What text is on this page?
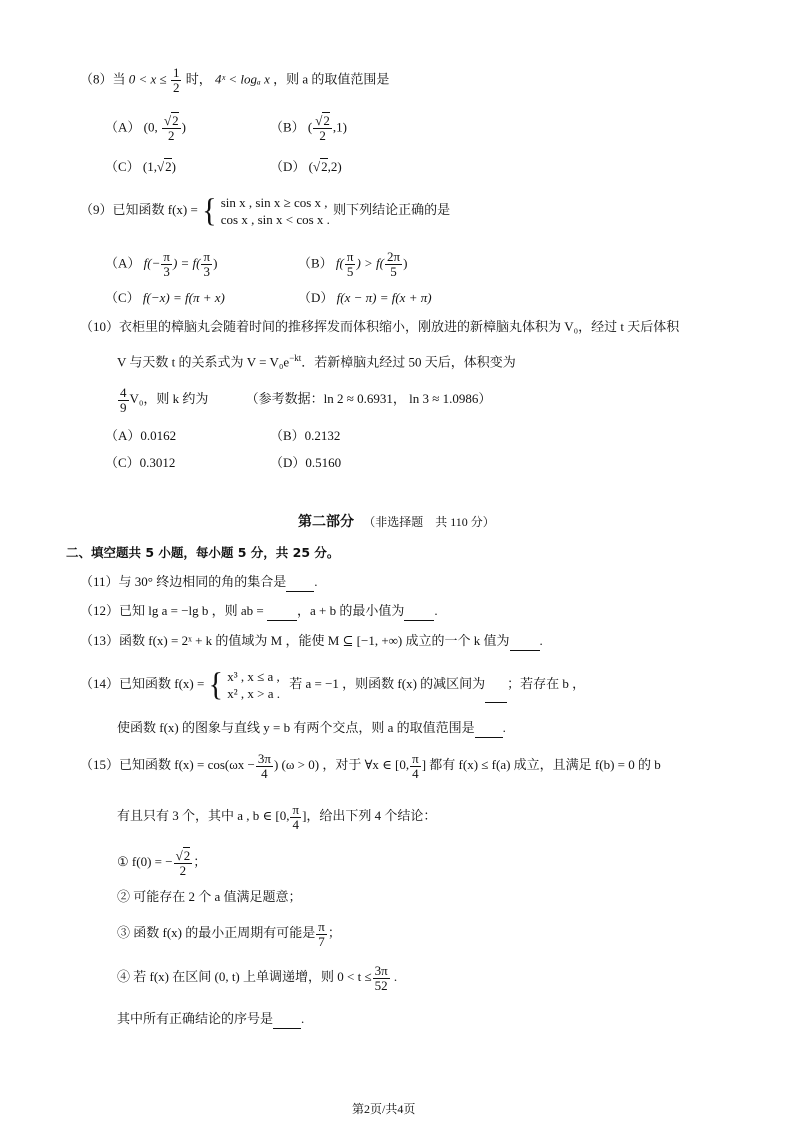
（8）当 $0 < x \le \frac{1}{2}$ 时， 4ˣ < logₐ x ，则 a 的取值范围是
（A） (0, $\frac{√2}{2}$ )	（B） ( $\frac{√2}{2} ,1$)
（C） (1,√2)	（D） (√2,2)
（9）已知函数 f(x) = { sin x , sin x ≥ cos x ,
cos x , sin x < cos x .
则下列结论正确的是
（A） $f(- \frac{\pi}{3}$ ) = $f( \frac{\pi}{3}$ )	（B） $f( \frac{\pi}{5}$ ) > $f( \frac{2\pi}{5}$ )
（C） f(−x) = f(π + x)	（D） f(x − π) = f(x + π)
（10）衣柜里的樟脑丸会随着时间的推移挥发而体积缩小，刚放进的新樟脑丸体积为 V₀，经过 t 天后体积
V 与天数 t 的关系式为 $V = V_0e^{-kt}$．若新樟脑丸经过 50 天后，体积变为
$\frac{4}{9} V_0$，则 k 约为	（参考数据：ln 2 ≈ 0.6931， ln 3 ≈ 1.0986）
（A）0.0162	（B）0.2132
（C）0.3012	（D）0.5160
第二部分 （非选择题　共 110 分）
二、填空题共 5 小题，每小题 5 分，共 25 分。
（11）与 30° 终边相同的角的集合是 .
（12）已知 lg a = −lg b ，则 ab =	，a + b 的最小值为 .
（13）函数 f(x) = 2ˣ + k 的值域为 M ，能使 M ⊆ [−1, +∞) 成立的一个 k 值为 .
（14）已知函数 f(x) = { x³ , x ≤ a ,
x² , x > a .
若 a = −1 ，则函数 f(x) 的减区间为 ；若存在 b ，
使函数 f(x) 的图象与直线 y = b 有两个交点，则 a 的取值范围是 .
（15）已知函数 $f(x) = \cos(\omega x - \frac{3\pi}{4}$ ) (ω > 0) ，对于 ∀x ∈ [0, $\frac{\pi}{4}$ ] 都有 f(x) ≤ f(a) 成立，且满足 f(b) = 0 的 b
有且只有 3 个，其中 a , b ∈ [0, $\frac{\pi}{4}$ ]，给出下列 4 个结论：
① f(0) = − $\frac{√2}{2}$ ；
② 可能存在 2 个 a 值满足题意；
③ 函数 f(x) 的最小正周期有可能是 $\frac{\pi}{7}$ ；
④ 若 f(x) 在区间 (0, t) 上单调递增，则 $0 < t \le \frac{3\pi}{52}$ .
其中所有正确结论的序号是 .
第2页/共4页
